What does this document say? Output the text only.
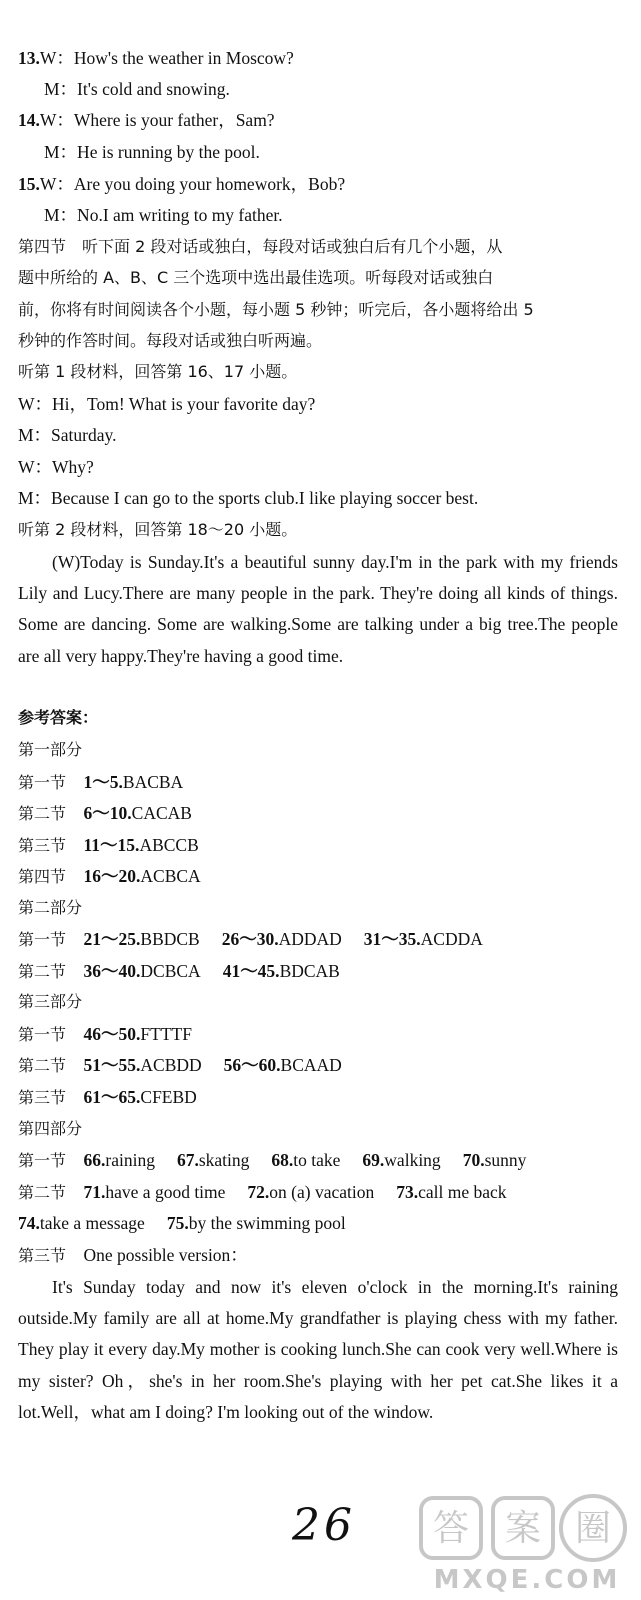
13.W：How's the weather in Moscow?
M：It's cold and snowing.
14.W：Where is your father，Sam?
M：He is running by the pool.
15.W：Are you doing your homework，Bob?
M：No.I am writing to my father.
第四节　听下面 2 段对话或独白，每段对话或独白后有几个小题，从
题中所给的 A、B、C 三个选项中选出最佳选项。听每段对话或独白
前，你将有时间阅读各个小题，每小题 5 秒钟；听完后，各小题将给出 5
秒钟的作答时间。每段对话或独白听两遍。
听第 1 段材料，回答第 16、17 小题。
W：Hi，Tom! What is your favorite day?
M：Saturday.
W：Why?
M：Because I can go to the sports club.I like playing soccer best.
听第 2 段材料，回答第 18～20 小题。
(W)Today is Sunday.It's a beautiful sunny day.I'm in the park with my friends Lily and Lucy.There are many people in the park. They're doing all kinds of things. Some are dancing. Some are walking.Some are talking under a big tree.The people are all very happy.They're having a good time.
参考答案：
第一部分
第一节　 1～5.BACBA
第二节　 6～10.CACAB
第三节　 11～15.ABCCB
第四节　 16～20.ACBCA
第二部分
第一节　 21～25.BBDCB 26～30.ADDAD 31～35.ACDDA
第二节　 36～40.DCBCA 41～45.BDCAB
第三部分
第一节　 46～50.FTTTF
第二节　 51～55.ACBDD 56～60.BCAAD
第三节　 61～65.CFEBD
第四部分
第一节　 66.raining 67.skating 68.to take 69.walking 70.sunny
第二节　 71.have a good time 72.on (a) vacation 73.call me back
74.take a message 75.by the swimming pool
第三节　 One possible version：
It's Sunday today and now it's eleven o'clock in the morning.It's raining outside.My family are all at home.My grandfather is playing chess with my father. They play it every day.My mother is cooking lunch.She can cook very well.Where is my sister? Oh，she's in her room.She's playing with her pet cat.She likes it a lot.Well，what am I doing? I'm looking out of the window.
26 答 案 圈
MXQE.COM
